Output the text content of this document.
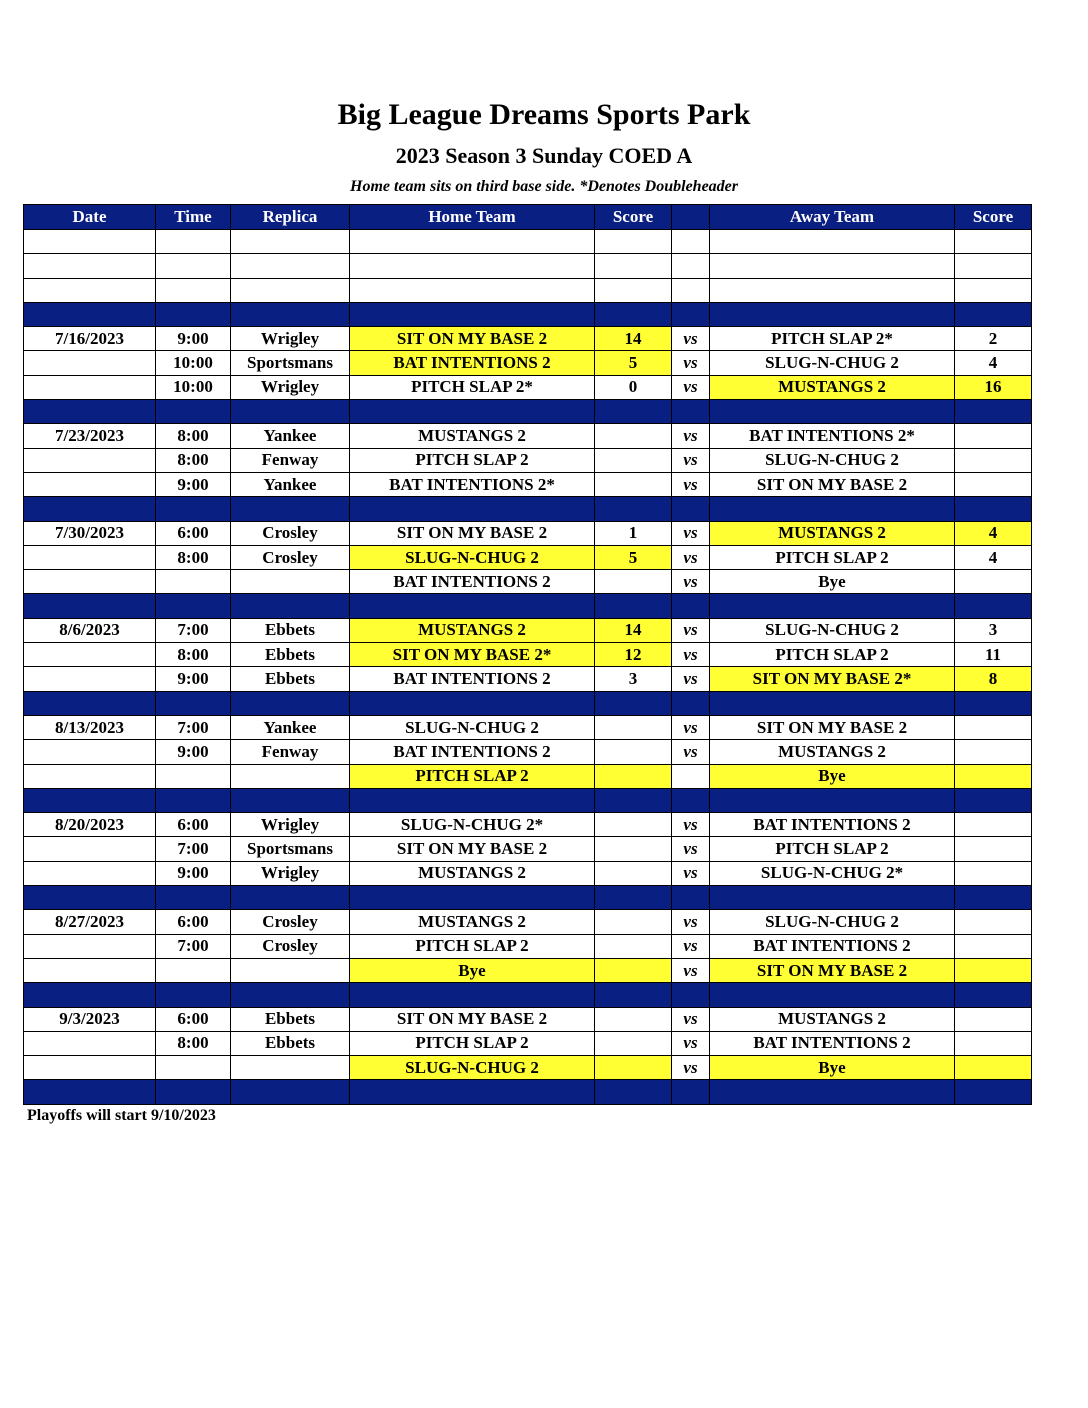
Big League Dreams Sports Park
2023 Season 3 Sunday COED A
Home team sits on third base side. *Denotes Doubleheader
Date	Time	Replica	Home Team	Score		Away Team	Score

7/16/2023	9:00	Wrigley	SIT ON MY BASE 2	14	vs	PITCH SLAP 2*	2
	10:00	Sportsmans	BAT INTENTIONS 2	5	vs	SLUG-N-CHUG 2	4
	10:00	Wrigley	PITCH SLAP 2*	0	vs	MUSTANGS 2	16

7/23/2023	8:00	Yankee	MUSTANGS 2		vs	BAT INTENTIONS 2*	
	8:00	Fenway	PITCH SLAP 2		vs	SLUG-N-CHUG 2	
	9:00	Yankee	BAT INTENTIONS 2*		vs	SIT ON MY BASE 2	

7/30/2023	6:00	Crosley	SIT ON MY BASE 2	1	vs	MUSTANGS 2	4
	8:00	Crosley	SLUG-N-CHUG 2	5	vs	PITCH SLAP 2	4
			BAT INTENTIONS 2		vs	Bye	

8/6/2023	7:00	Ebbets	MUSTANGS 2	14	vs	SLUG-N-CHUG 2	3
	8:00	Ebbets	SIT ON MY BASE 2*	12	vs	PITCH SLAP 2	11
	9:00	Ebbets	BAT INTENTIONS 2	3	vs	SIT ON MY BASE 2*	8

8/13/2023	7:00	Yankee	SLUG-N-CHUG 2		vs	SIT ON MY BASE 2	
	9:00	Fenway	BAT INTENTIONS 2		vs	MUSTANGS 2	
			PITCH SLAP 2			Bye	

8/20/2023	6:00	Wrigley	SLUG-N-CHUG 2*		vs	BAT INTENTIONS 2	
	7:00	Sportsmans	SIT ON MY BASE 2		vs	PITCH SLAP 2	
	9:00	Wrigley	MUSTANGS 2		vs	SLUG-N-CHUG 2*	

8/27/2023	6:00	Crosley	MUSTANGS 2		vs	SLUG-N-CHUG 2	
	7:00	Crosley	PITCH SLAP 2		vs	BAT INTENTIONS 2	
			Bye		vs	SIT ON MY BASE 2	

9/3/2023	6:00	Ebbets	SIT ON MY BASE 2		vs	MUSTANGS 2	
	8:00	Ebbets	PITCH SLAP 2		vs	BAT INTENTIONS 2	
			SLUG-N-CHUG 2		vs	Bye	

Playoffs will start 9/10/2023
